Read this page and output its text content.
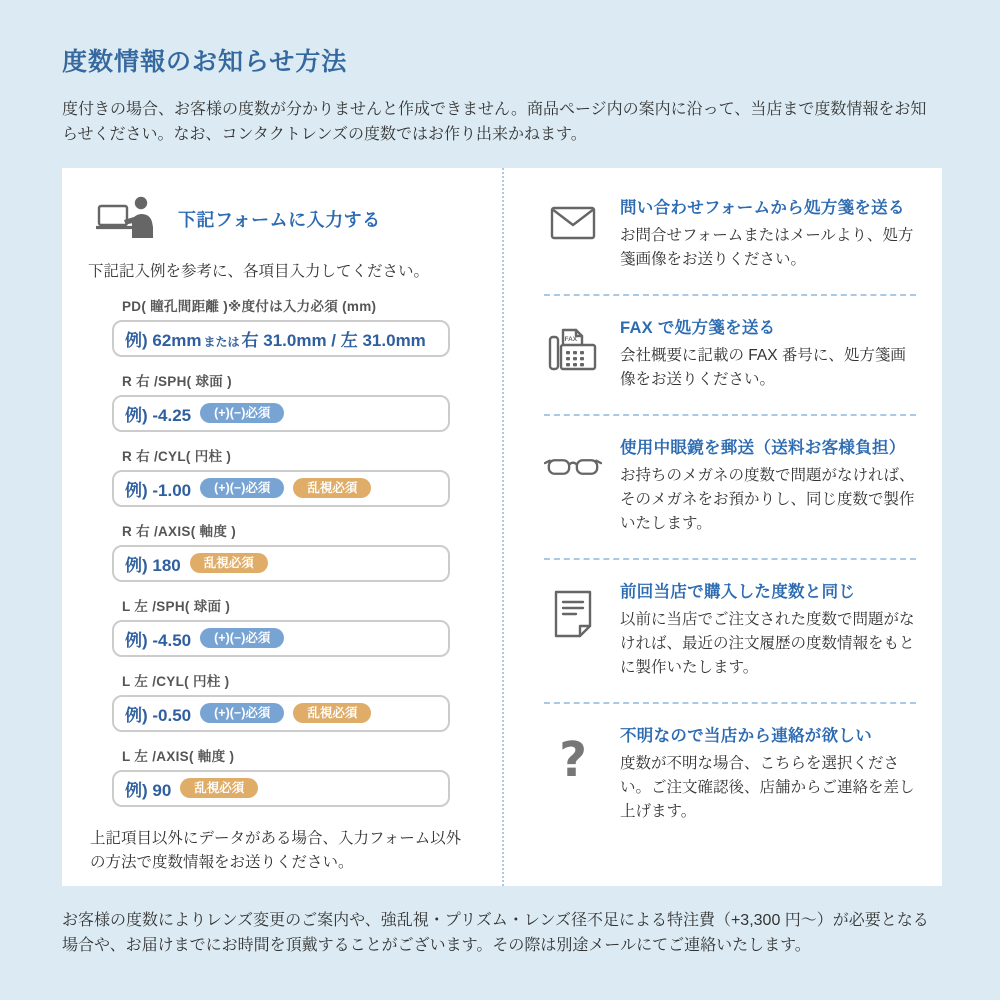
度数情報のお知らせ方法

度付きの場合、お客様の度数が分かりませんと作成できません。商品ページ内の案内に沿って、当店まで度数情報をお知らせください。なお、コンタクトレンズの度数ではお作り出来かねます。

下記フォームに入力する

下記記入例を参考に、各項目入力してください。

PD( 瞳孔間距離 )※度付は入力必須 (mm)
例) 62mm または 右 31.0mm / 左 31.0mm
R 右 /SPH( 球面 )
例) -4.25	(+)(−)必須
R 右 /CYL( 円柱 )
例) -1.00	(+)(−)必須	乱視必須
R 右 /AXIS( 軸度 )
例) 180	乱視必須
L 左 /SPH( 球面 )
例) -4.50	(+)(−)必須
L 左 /CYL( 円柱 )
例) -0.50	(+)(−)必須	乱視必須
L 左 /AXIS( 軸度 )
例) 90	乱視必須

上記項目以外にデータがある場合、入力フォーム以外の方法で度数情報をお送りください。

問い合わせフォームから処方箋を送る

お問合せフォームまたはメールより、処方箋画像をお送りください。

FAX

FAX で処方箋を送る

会社概要に記載の FAX 番号に、処方箋画像をお送りください。

使用中眼鏡を郵送（送料お客様負担）

お持ちのメガネの度数で問題がなければ、そのメガネをお預かりし、同じ度数で製作いたします。

前回当店で購入した度数と同じ

以前に当店でご注文された度数で問題がなければ、最近の注文履歴の度数情報をもとに製作いたします。

? 不明なので当店から連絡が欲しい

度数が不明な場合、こちらを選択ください。ご注文確認後、店舗からご連絡を差し上げます。

お客様の度数によりレンズ変更のご案内や、強乱視・プリズム・レンズ径不足による特注費（+3,300 円～）が必要となる場合や、お届けまでにお時間を頂戴することがございます。その際は別途メールにてご連絡いたします。
